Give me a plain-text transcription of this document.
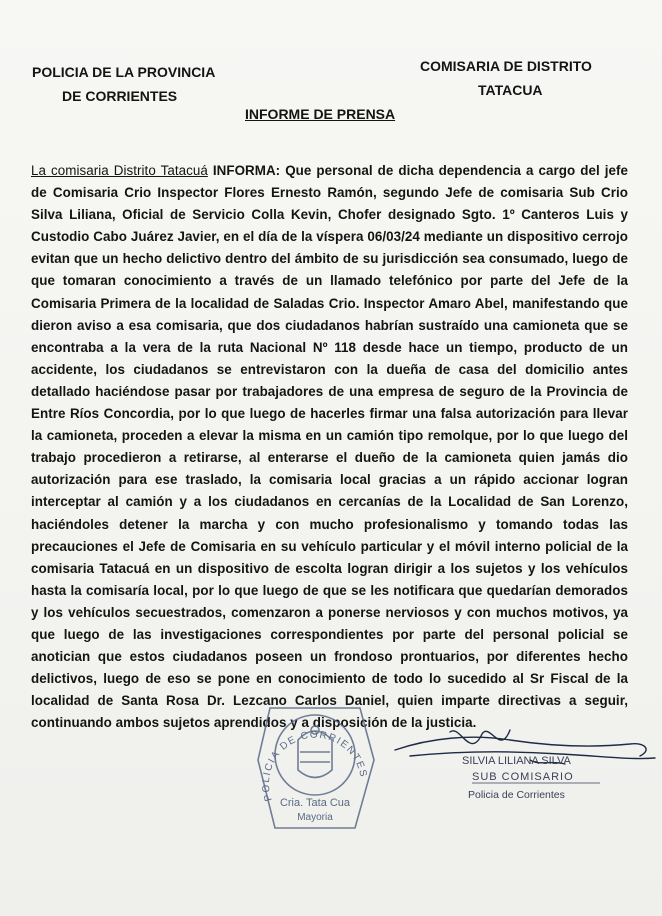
POLICIA DE LA PROVINCIA
DE CORRIENTES
COMISARIA DE DISTRITO
TATACUA
INFORME DE PRENSA
La comisaria Distrito Tatacuá INFORMA: Que personal de dicha dependencia a cargo del jefe de Comisaria Crio Inspector Flores Ernesto Ramón, segundo Jefe de comisaria Sub Crio Silva Liliana, Oficial de Servicio Colla Kevin, Chofer designado Sgto. 1º Canteros Luis y Custodio Cabo Juárez Javier, en el día de la víspera 06/03/24 mediante un dispositivo cerrojo evitan que un hecho delictivo dentro del ámbito de su jurisdicción sea consumado, luego de que tomaran conocimiento a través de un llamado telefónico por parte del Jefe de la Comisaria Primera de la localidad de Saladas Crio. Inspector Amaro Abel, manifestando que dieron aviso a esa comisaria, que dos ciudadanos habrían sustraído una camioneta que se encontraba a la vera de la ruta Nacional Nº 118 desde hace un tiempo, producto de un accidente, los ciudadanos se entrevistaron con la dueña de casa del domicilio antes detallado haciéndose pasar por trabajadores de una empresa de seguro de la Provincia de Entre Ríos Concordia, por lo que luego de hacerles firmar una falsa autorización para llevar la camioneta, proceden a elevar la misma en un camión tipo remolque, por lo que luego del trabajo procedieron a retirarse, al enterarse el dueño de la camioneta quien jamás dio autorización para ese traslado, la comisaria local gracias a un rápido accionar logran interceptar al camión y a los ciudadanos en cercanías de la Localidad de San Lorenzo, haciéndoles detener la marcha y con mucho profesionalismo y tomando todas las precauciones el Jefe de Comisaria en su vehículo particular y el móvil interno policial de la comisaria Tatacuá en un dispositivo de escolta logran dirigir a los sujetos y los vehículos hasta la comisaría local, por lo que luego de que se les notificara que quedarían demorados y los vehículos secuestrados, comenzaron a ponerse nerviosos y con muchos motivos, ya que luego de las investigaciones correspondientes por parte del personal policial se anotician que estos ciudadanos poseen un frondoso prontuarios, por diferentes hecho delictivos, luego de eso se pone en conocimiento de todo lo sucedido al Sr Fiscal de la localidad de Santa Rosa Dr. Lezcano Carlos Daniel, quien imparte directivas a seguir, continuando ambos sujetos aprendidos y a disposición de la justicia.
POLICIA DE CORRIENTES
Cria. Tata Cua
Mayoria
SILVIA LILIANA SILVA
SUB COMISARIO
Policia de Corrientes
